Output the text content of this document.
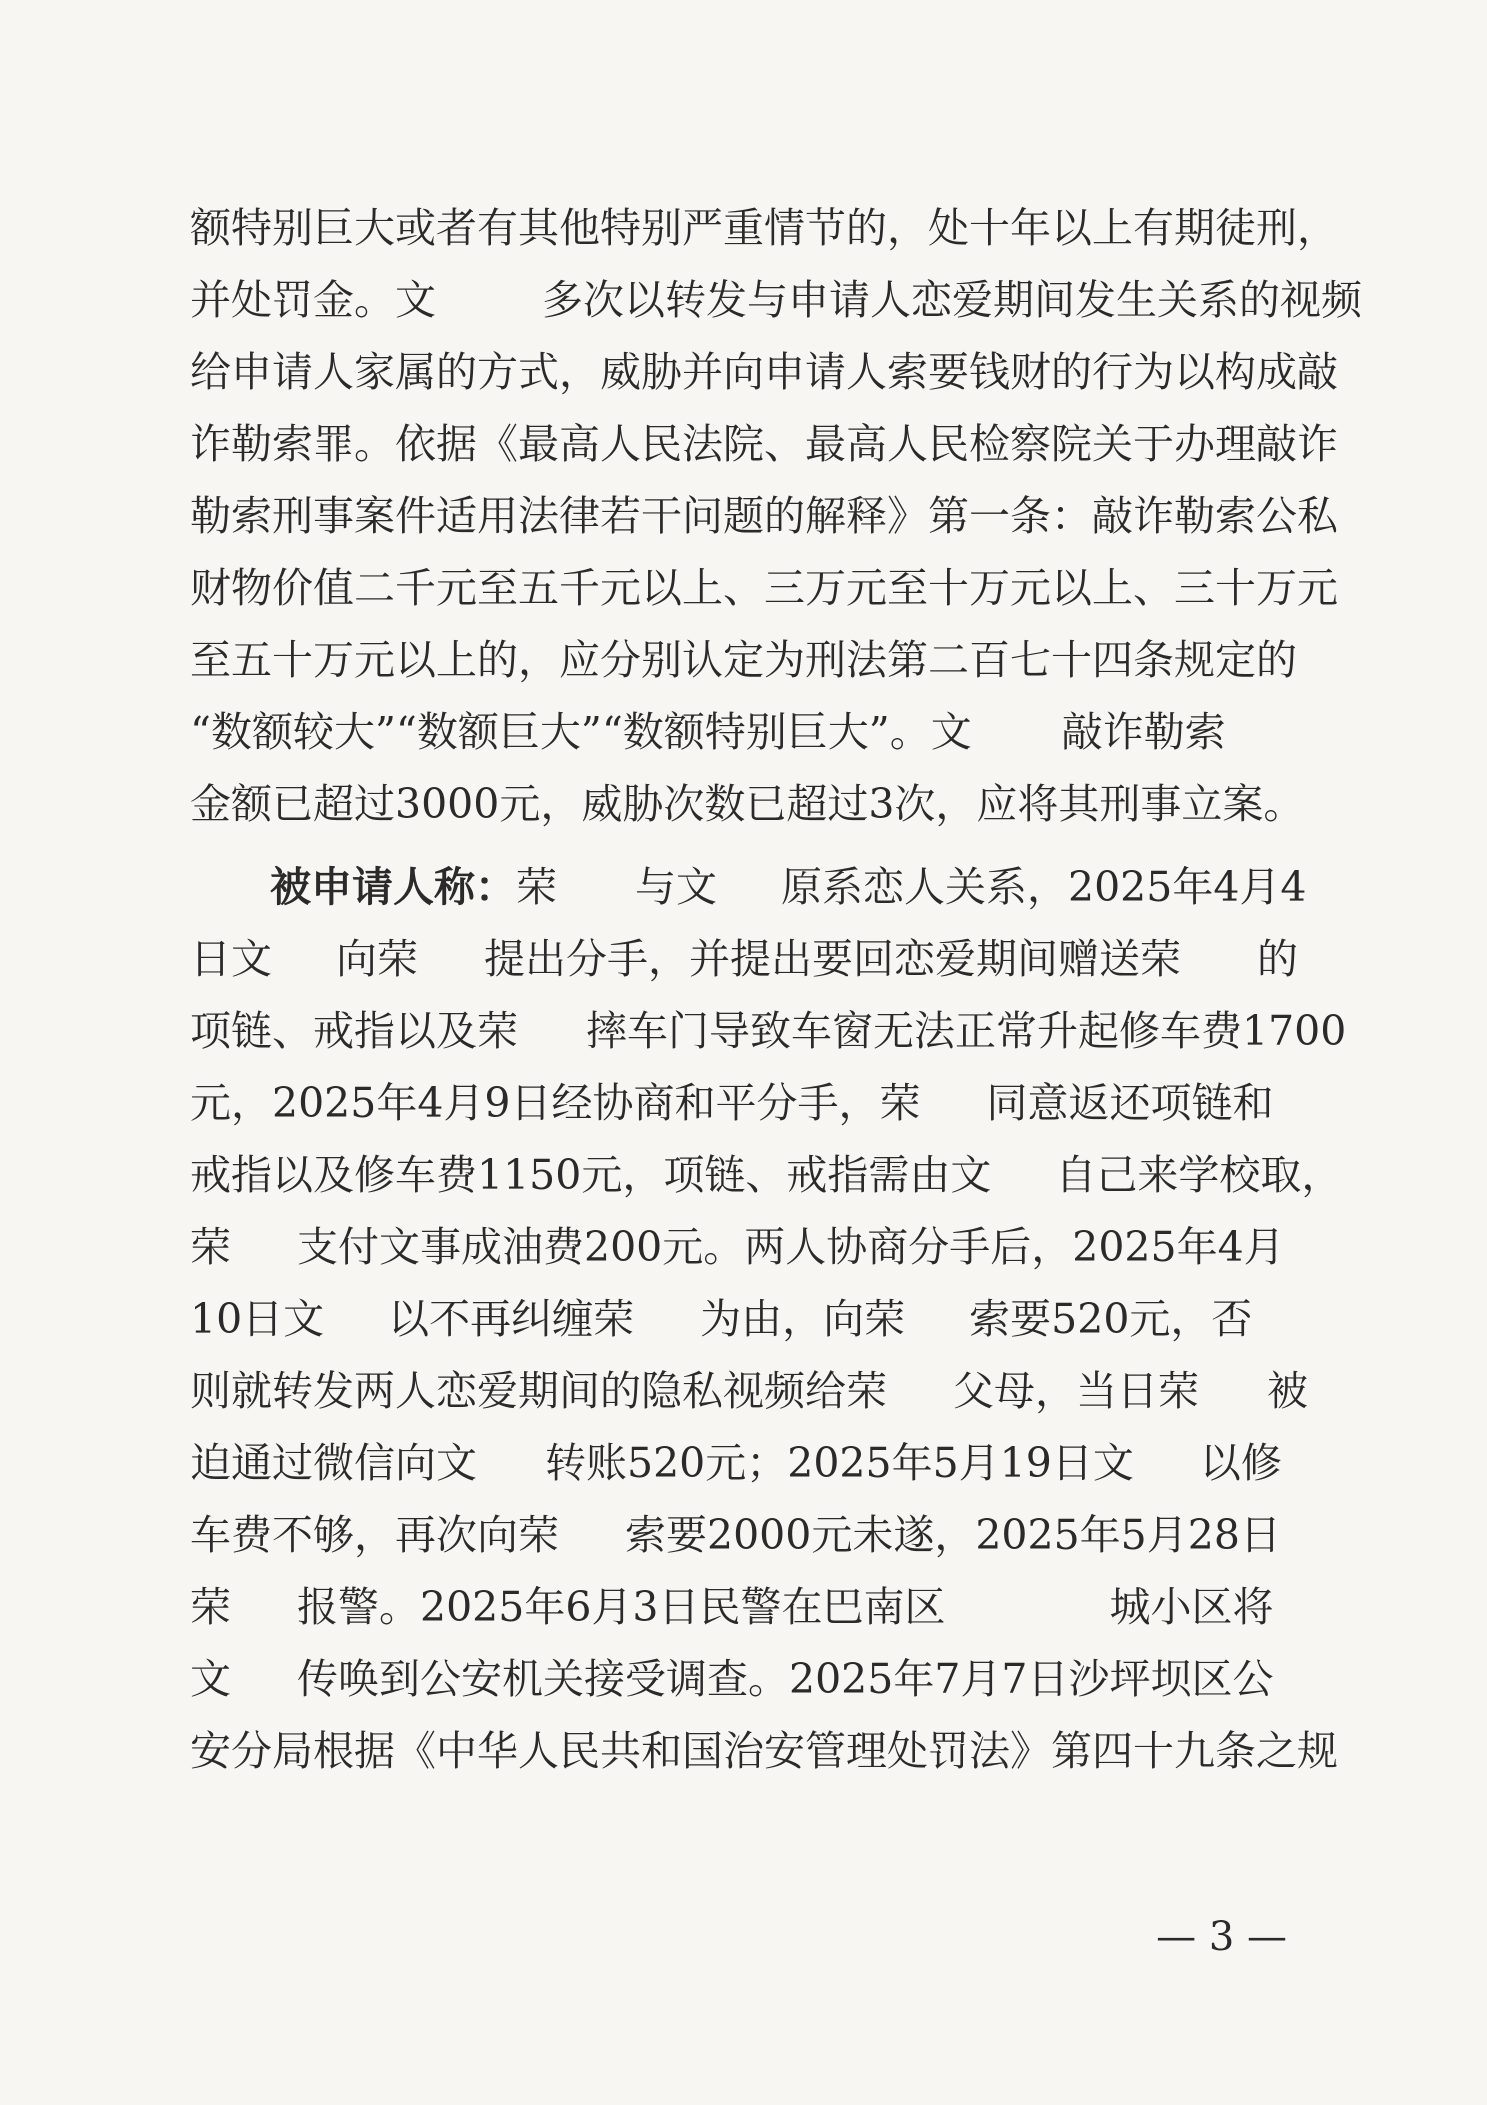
额特别巨大或者有其他特别严重情节的，处十年以上有期徒刑，
并处罚金。文	多次以转发与申请人恋爱期间发生关系的视频
给申请人家属的方式，威胁并向申请人索要钱财的行为以构成敲
诈勒索罪。依据《最高人民法院、最高人民检察院关于办理敲诈
勒索刑事案件适用法律若干问题的解释》第一条：敲诈勒索公私
财物价值二千元至五千元以上、三万元至十万元以上、三十万元
至五十万元以上的，应分别认定为刑法第二百七十四条规定的
“数额较大”“数额巨大”“数额特别巨大”。文 敲诈勒索
金额已超过3000元，威胁次数已超过3次，应将其刑事立案。
被申请人称：荣 与文 原系恋人关系，2025年4月4
日文 向荣 提出分手，并提出要回恋爱期间赠送荣 的
项链、戒指以及荣 摔车门导致车窗无法正常升起修车费1700
元，2025年4月9日经协商和平分手，荣 同意返还项链和
戒指以及修车费1150元，项链、戒指需由文 自己来学校取，
荣 支付文事成油费200元。两人协商分手后，2025年4月
10日文 以不再纠缠荣 为由，向荣 索要520元，否
则就转发两人恋爱期间的隐私视频给荣 父母，当日荣 被
迫通过微信向文 转账520元；2025年5月19日文 以修
车费不够，再次向荣 索要2000元未遂，2025年5月28日
荣 报警。2025年6月3日民警在巴南区	城小区将
文 传唤到公安机关接受调查。2025年7月7日沙坪坝区公
安分局根据《中华人民共和国治安管理处罚法》第四十九条之规
— 3 —
